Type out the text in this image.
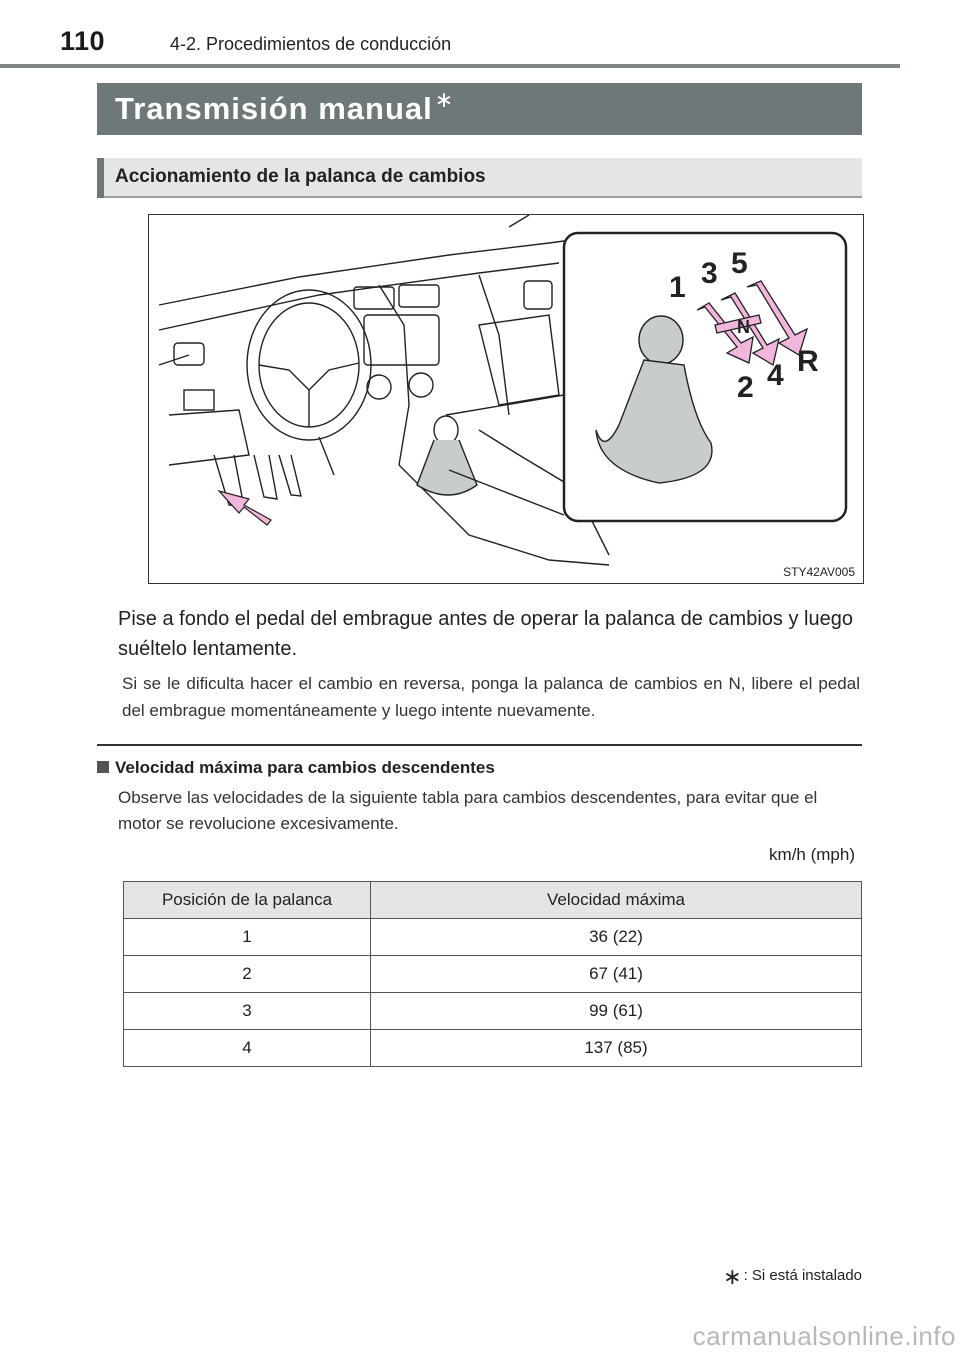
110	4-2. Procedimientos de conducción
Transmisión manual∗
Accionamiento de la palanca de cambios
1 3 5
2 4 R
N
STY42AV005
Pise a fondo el pedal del embrague antes de operar la palanca de cambios y luego suéltelo lentamente.
Si se le dificulta hacer el cambio en reversa, ponga la palanca de cambios en N, libere el pedal del embrague momentáneamente y luego intente nuevamente.
Velocidad máxima para cambios descendentes
Observe las velocidades de la siguiente tabla para cambios descendentes, para evitar que el motor se revolucione excesivamente.
km/h (mph)
Posición de la palanca	Velocidad máxima
1	36 (22)
2	67 (41)
3	99 (61)
4	137 (85)
∗ : Si está instalado
carmanualsonline.info
